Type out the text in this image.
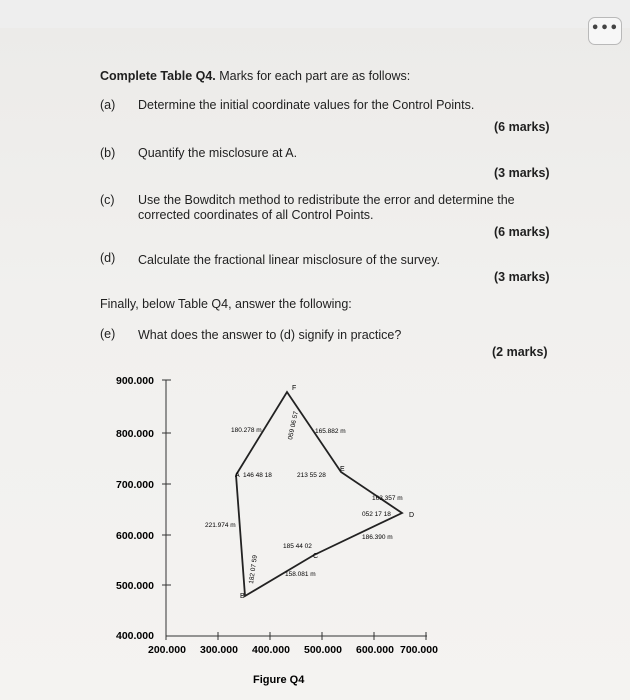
•••
Complete Table Q4. Marks for each part are as follows:
(a) Determine the initial coordinate values for the Control Points.
(6 marks)
(b) Quantify the misclosure at A.
(3 marks)
(c) Use the Bowditch method to redistribute the error and determine the
corrected coordinates of all Control Points.
(6 marks)
(d) Calculate the fractional linear misclosure of the survey.
(3 marks)
Finally, below Table Q4, answer the following:
(e) What does the answer to (d) signify in practice?
(2 marks)
900.000
800.000
700.000
600.000
500.000
400.000
200.000 300.000 400.000 500.000 600.000 700.000
F
A
E
D
C
B
180.278 m	165.882 m
059 06 57
146 48 18	213 55 28
163.357 m
052 17 18
221.974 m
186.390 m
185 44 02
158.081 m
182 07 59
Figure Q4
